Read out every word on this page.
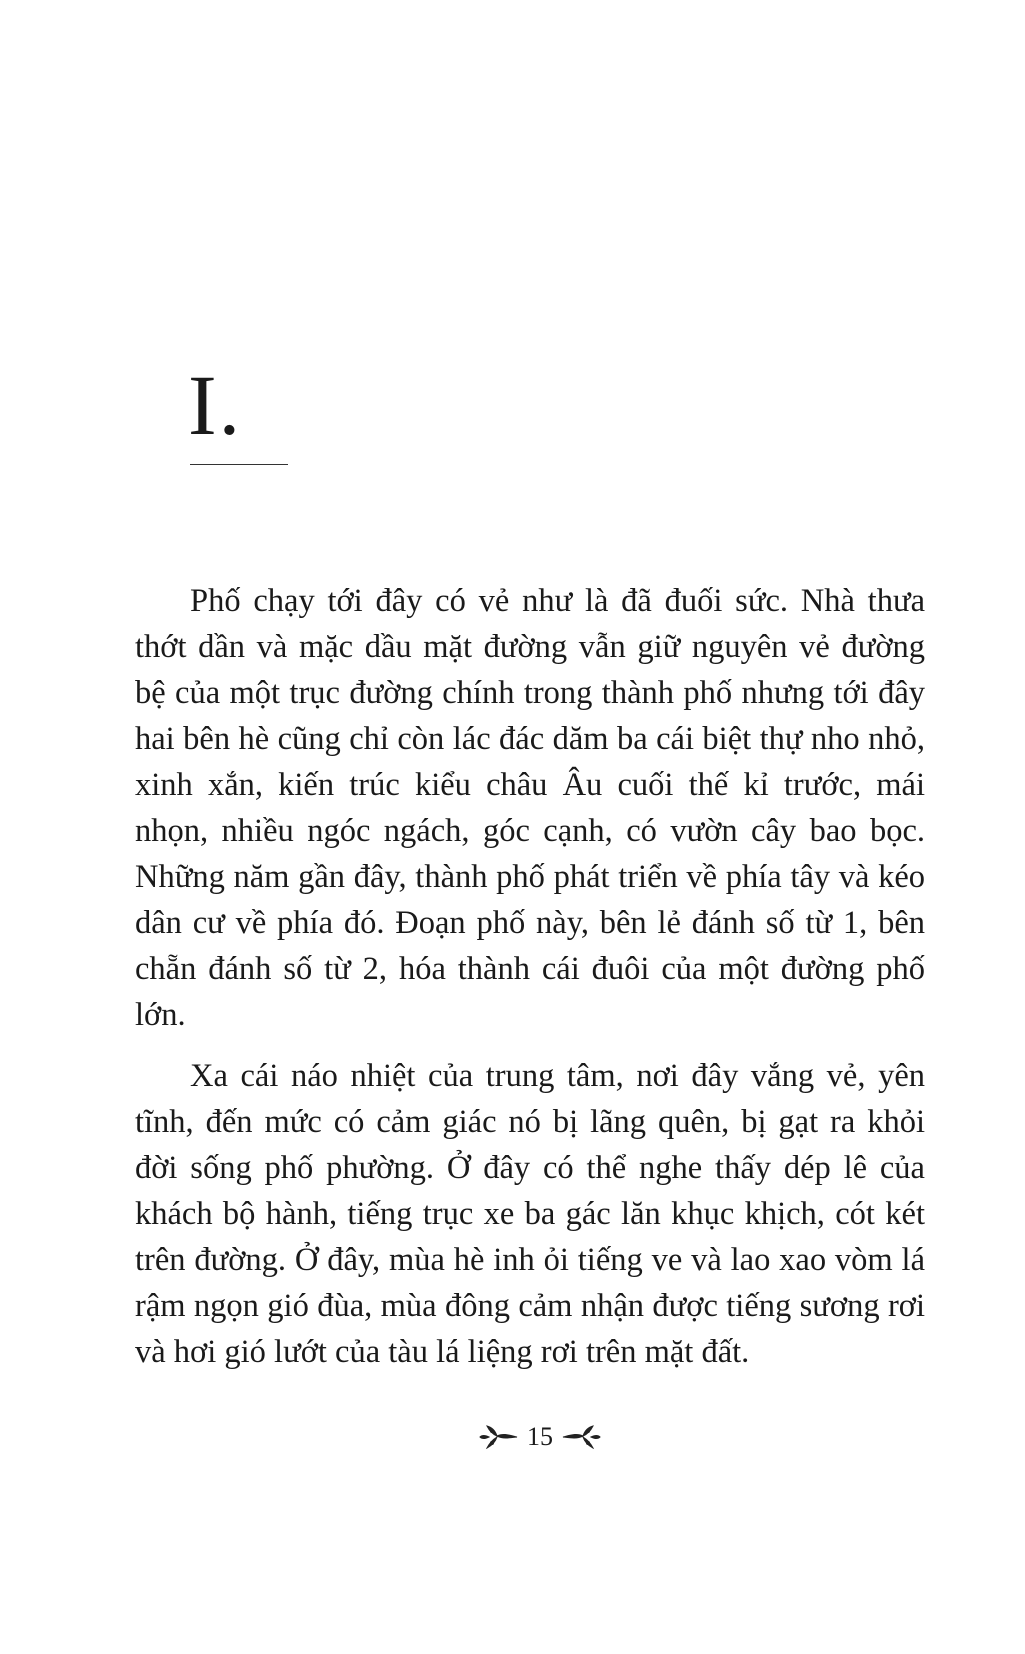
I.

Phố chạy tới đây có vẻ như là đã đuối sức. Nhà thưa thớt dần và mặc dầu mặt đường vẫn giữ nguyên vẻ đường bệ của một trục đường chính trong thành phố nhưng tới đây hai bên hè cũng chỉ còn lác đác dăm ba cái biệt thự nho nhỏ, xinh xắn, kiến trúc kiểu châu Âu cuối thế kỉ trước, mái nhọn, nhiều ngóc ngách, góc cạnh, có vườn cây bao bọc. Những năm gần đây, thành phố phát triển về phía tây và kéo dân cư về phía đó. Đoạn phố này, bên lẻ đánh số từ 1, bên chẵn đánh số từ 2, hóa thành cái đuôi của một đường phố lớn.

Xa cái náo nhiệt của trung tâm, nơi đây vắng vẻ, yên tĩnh, đến mức có cảm giác nó bị lãng quên, bị gạt ra khỏi đời sống phố phường. Ở đây có thể nghe thấy dép lê của khách bộ hành, tiếng trục xe ba gác lăn khục khịch, cót két trên đường. Ở đây, mùa hè inh ỏi tiếng ve và lao xao vòm lá rậm ngọn gió đùa, mùa đông cảm nhận được tiếng sương rơi và hơi gió lướt của tàu lá liệng rơi trên mặt đất.

15
